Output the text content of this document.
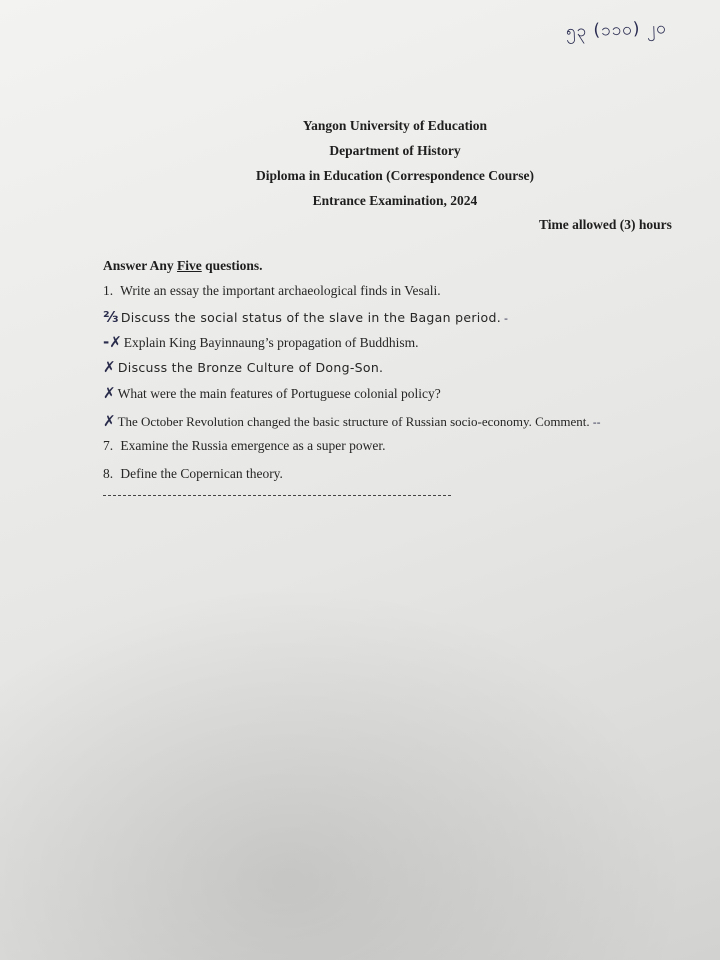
၅၃ (၁၁၀) ၂၀
Yangon University of Education
Department of History
Diploma in Education (Correspondence Course)
Entrance Examination, 2024
Time allowed (3) hours
Answer Any Five questions.
1. Write an essay the important archaeological finds in Vesali.
⅔ Discuss the social status of the slave in the Bagan period. -
-✗ Explain King Bayinnaung’s propagation of Buddhism.
✗ Discuss the Bronze Culture of Dong-Son.
✗ What were the main features of Portuguese colonial policy?
✗ The October Revolution changed the basic structure of Russian socio-economy. Comment. --
7. Examine the Russia emergence as a super power.
8. Define the Copernican theory.
